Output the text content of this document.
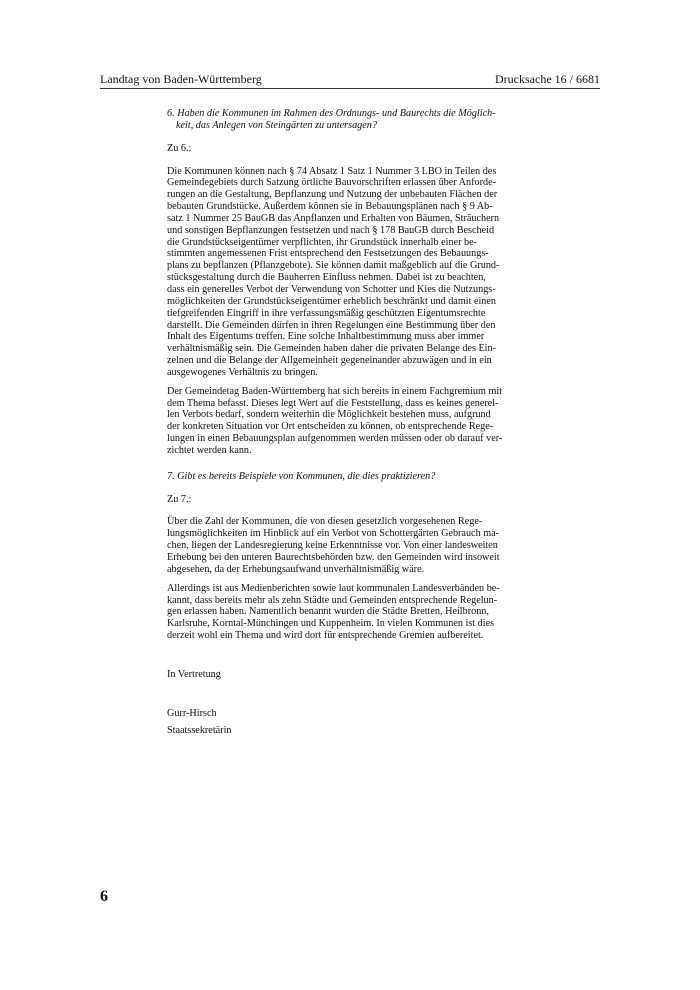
Landtag von Baden-Württemberg	Drucksache 16 / 6681

6. Haben die Kommunen im Rahmen des Ordnungs- und Baurechts die Möglich-
keit, das Anlegen von Steingärten zu untersagen?

Zu 6.:

Die Kommunen können nach § 74 Absatz 1 Satz 1 Nummer 3 LBO in Teilen des
Gemeindegebiets durch Satzung örtliche Bauvorschriften erlassen über Anforde-
rungen an die Gestaltung, Bepflanzung und Nutzung der unbebauten Flächen der
bebauten Grundstücke. Außerdem können sie in Bebauungsplänen nach § 9 Ab-
satz 1 Nummer 25 BauGB das Anpflanzen und Erhalten von Bäumen, Sträuchern
und sonstigen Bepflanzungen festsetzen und nach § 178 BauGB durch Bescheid
die Grundstückseigentümer verpflichten, ihr Grundstück innerhalb einer be-
stimmten angemessenen Frist entsprechend den Festsetzungen des Bebauungs-
plans zu bepflanzen (Pflanzgebote). Sie können damit maßgeblich auf die Grund-
stücksgestaltung durch die Bauherren Einfluss nehmen. Dabei ist zu beachten,
dass ein generelles Verbot der Verwendung von Schotter und Kies die Nutzungs-
möglichkeiten der Grundstückseigentümer erheblich beschränkt und damit einen
tiefgreifenden Eingriff in ihre verfassungsmäßig geschützten Eigentumsrechte
darstellt. Die Gemeinden dürfen in ihren Regelungen eine Bestimmung über den
Inhalt des Eigentums treffen. Eine solche Inhaltbestimmung muss aber immer
verhältnismäßig sein. Die Gemeinden haben daher die privaten Belange des Ein-
zelnen und die Belange der Allgemeinheit gegeneinander abzuwägen und in ein
ausgewogenes Verhältnis zu bringen.

Der Gemeindetag Baden-Württemberg hat sich bereits in einem Fachgremium mit
dem Thema befasst. Dieses legt Wert auf die Feststellung, dass es keines generel-
len Verbots bedarf, sondern weiterhin die Möglichkeit bestehen muss, aufgrund
der konkreten Situation vor Ort entscheiden zu können, ob entsprechende Rege-
lungen in einen Bebauungsplan aufgenommen werden müssen oder ob darauf ver-
zichtet werden kann.

7. Gibt es bereits Beispiele von Kommunen, die dies praktizieren?

Zu 7.:

Über die Zahl der Kommunen, die von diesen gesetzlich vorgesehenen Rege-
lungsmöglichkeiten im Hinblick auf ein Verbot von Schottergärten Gebrauch ma-
chen, liegen der Landesregierung keine Erkenntnisse vor. Von einer landesweiten
Erhebung bei den unteren Baurechtsbehörden bzw. den Gemeinden wird insoweit
abgesehen, da der Erhebungsaufwand unverhältnismäßig wäre.

Allerdings ist aus Medienberichten sowie laut kommunalen Landesverbänden be-
kannt, dass bereits mehr als zehn Städte und Gemeinden entsprechende Regelun-
gen erlassen haben. Namentlich benannt wurden die Städte Bretten, Heilbronn,
Karlsruhe, Korntal-Münchingen und Kuppenheim. In vielen Kommunen ist dies
derzeit wohl ein Thema und wird dort für entsprechende Gremien aufbereitet.

In Vertretung

Gurr-Hirsch

Staatssekretärin

6
